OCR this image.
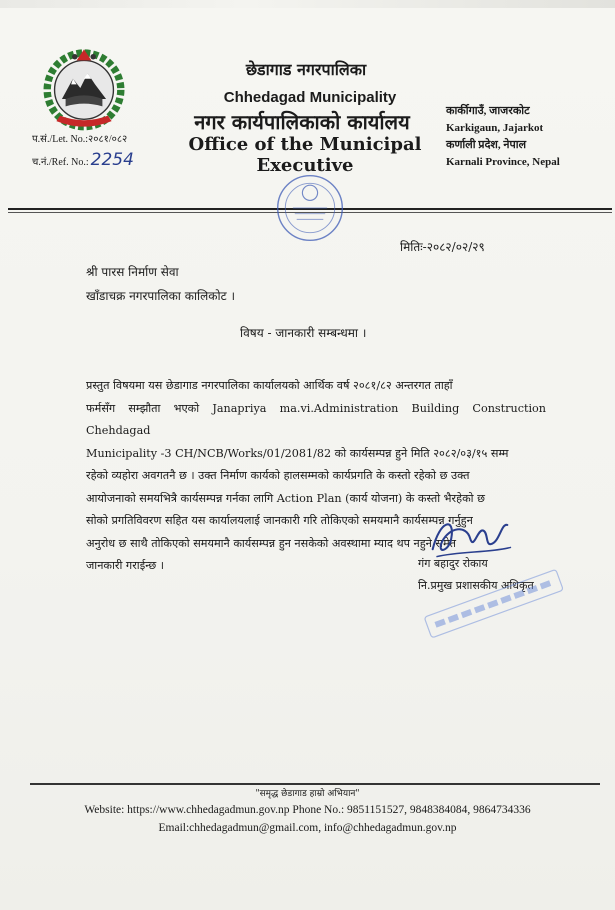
छेडागाड नगरपालिका
Chhedagad Municipality
नगर कार्यपालिकाको कार्यालय
Office of the Municipal Executive
प.सं./Let. No.:२०८१/०८२
च.नं./Ref. No.: 2254
कार्कीगाउँ, जाजरकोट
Karkigaun, Jajarkot
कर्णाली प्रदेश, नेपाल
Karnali Province, Nepal
मितिः-२०८२/०२/२९
श्री पारस निर्माण सेवा
खाँडाचक्र नगरपालिका कालिकोट ।
विषय - जानकारी सम्बन्धमा ।
प्रस्तुत विषयमा यस छेडागाड नगरपालिका कार्यालयको आर्थिक वर्ष २०८१/८२ अन्तरगत ताहाँ
फर्मसँग सम्झौता भएको Janapriya ma.vi.Administration Building Construction Chehdagad
Municipality -3 CH/NCB/Works/01/2081/82 को कार्यसम्पन्न हुने मिति २०८२/०३/१५ सम्म
रहेको व्यहोरा अवगतनै छ । उक्त निर्माण कार्यको हालसम्मको कार्यप्रगति के कस्तो रहेको छ उक्त
आयोजनाको समयभित्रै कार्यसम्पन्न गर्नका लागि Action Plan (कार्य योजना) के कस्तो भैरहेको छ
सोको प्रगतिविवरण सहित यस कार्यालयलाई जानकारी गरि तोकिएको समयमानै कार्यसम्पन्न गर्नुहुन
अनुरोध छ साथै तोकिएको समयमानै कार्यसम्पन्न हुन नसकेको अवस्थामा म्याद थप नहुने समेत
जानकारी गराईन्छ ।	गंग बहादुर रोकाय
नि.प्रमुख प्रशासकीय अधिकृत
"समृद्ध छेडागाड हाम्रो अभियान"
Website: https://www.chhedagadmun.gov.np Phone No.: 9851151527, 9848384084, 9864734336
Email:chhedagadmun@gmail.com, info@chhedagadmun.gov.np
